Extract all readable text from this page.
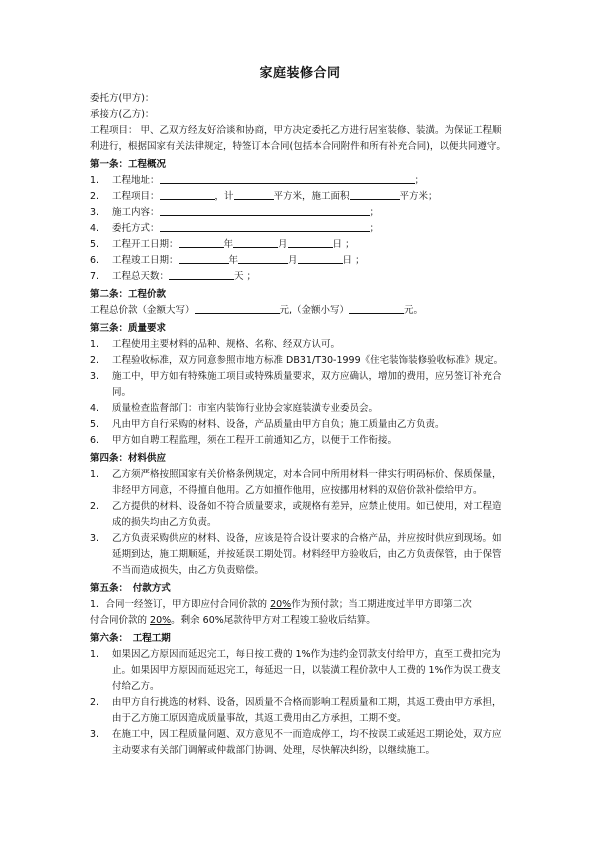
家庭装修合同
委托方(甲方)：
承接方(乙方)：
工程项目： 甲、乙双方经友好洽谈和协商，甲方决定委托乙方进行居室装修、装潢。为保证工程顺利进行，根据国家有关法律规定，特签订本合同(包括本合同附件和所有补充合同)，以便共同遵守。
第一条：工程概况
1.	工程地址：	；
2.	工程项目：	，计	平方米，施工面积	平方米；
3.	施工内容：	；
4.	委托方式：	；
5.	工程开工日期：	年	月	日 ；
6.	工程竣工日期：	年	月	日 ；
7.	工程总天数：	天 ；
第二条：工程价款
工程总价款（金额大写）	元,（金额小写）	元。
第三条：质量要求
1.	工程使用主要材料的品种、规格、名称、经双方认可。
2.	工程验收标准，双方同意参照市地方标准 DB31/T30-1999《住宅装饰装修验收标准》规定。
3.	施工中，甲方如有特殊施工项目或特殊质量要求，双方应确认，增加的费用，应另签订补充合同。
4.	质量检查监督部门：市室内装饰行业协会家庭装潢专业委员会。
5.	凡由甲方自行采购的材料、设备，产品质量由甲方自负；施工质量由乙方负责。
6.	甲方如自聘工程监理，须在工程开工前通知乙方，以便于工作衔接。
第四条：材料供应
1.	乙方须严格按照国家有关价格条例规定，对本合同中所用材料一律实行明码标价、保质保量，非经甲方同意，不得擅自他用。乙方如擅作他用，应按挪用材料的双倍价款补偿给甲方。
2.	乙方提供的材料、设备如不符合质量要求，或规格有差异，应禁止使用。如已使用，对工程造成的损失均由乙方负责。
3.	乙方负责采购供应的材料、设备，应该是符合设计要求的合格产品，并应按时供应到现场。如延期到达，施工期顺延，并按延误工期处罚。材料经甲方验收后，由乙方负责保管，由于保管不当而造成损失，由乙方负责赔偿。
第五条：　付款方式
1．合同一经签订，甲方即应付合同价款的 20%作为预付款；当工期进度过半甲方即第二次
付合同价款的 20%。剩余 60%尾款待甲方对工程竣工验收后结算。
第六条：　工程工期
1.	如果因乙方原因而延迟完工，每日按工费的 1%作为违约金罚款支付给甲方，直至工费扣完为止。如果因甲方原因而延迟完工，每延迟一日，以装潢工程价款中人工费的 1%作为误工费支付给乙方。
2.	由甲方自行挑选的材料、设备，因质量不合格而影响工程质量和工期，其返工费由甲方承担，由于乙方施工原因造成质量事故，其返工费用由乙方承担，工期不变。
3.	在施工中，因工程质量问题、双方意见不一而造成停工，均不按误工或延迟工期论处，双方应主动要求有关部门调解或仲裁部门协调、处理，尽快解决纠纷，以继续施工。
